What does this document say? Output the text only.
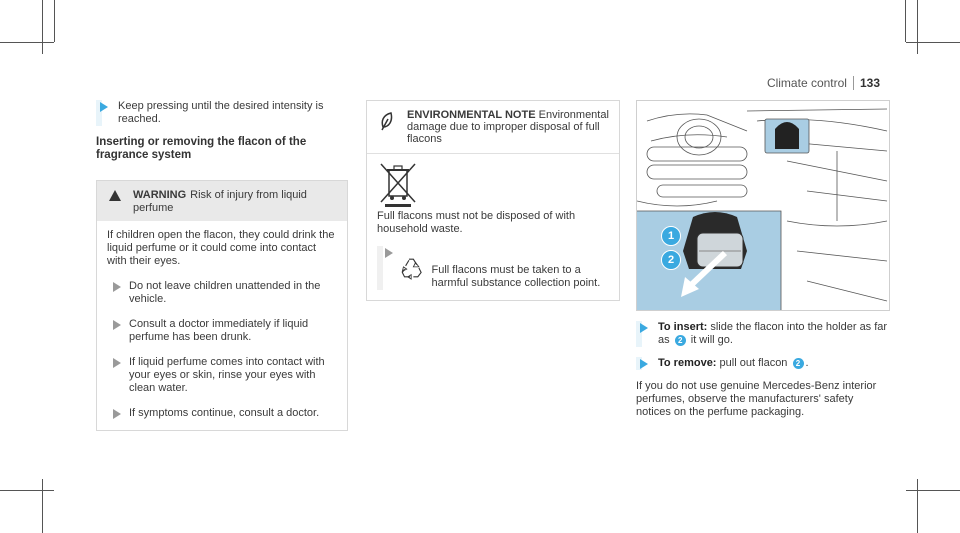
Climate control 133
Keep pressing until the desired intensity is reached.
Inserting or removing the flacon of the fragrance system
WARNING Risk of injury from liquid perfume

If children open the flacon, they could drink the liquid perfume or it could come into contact with their eyes.

Do not leave children unattended in the vehicle.
Consult a doctor immediately if liquid perfume has been drunk.
If liquid perfume comes into contact with your eyes or skin, rinse your eyes with clean water.
If symptoms continue, consult a doctor.
ENVIRONMENTAL NOTE Environmental damage due to improper disposal of full flacons
Full flacons must not be disposed of with household waste.
Full flacons must be taken to a harmful substance collection point.
1
2
To insert: slide the flacon into the holder as far as 2 it will go.
To remove: pull out flacon 2 .
If you do not use genuine Mercedes-Benz interior perfumes, observe the manufacturers' safety notices on the perfume packaging.
